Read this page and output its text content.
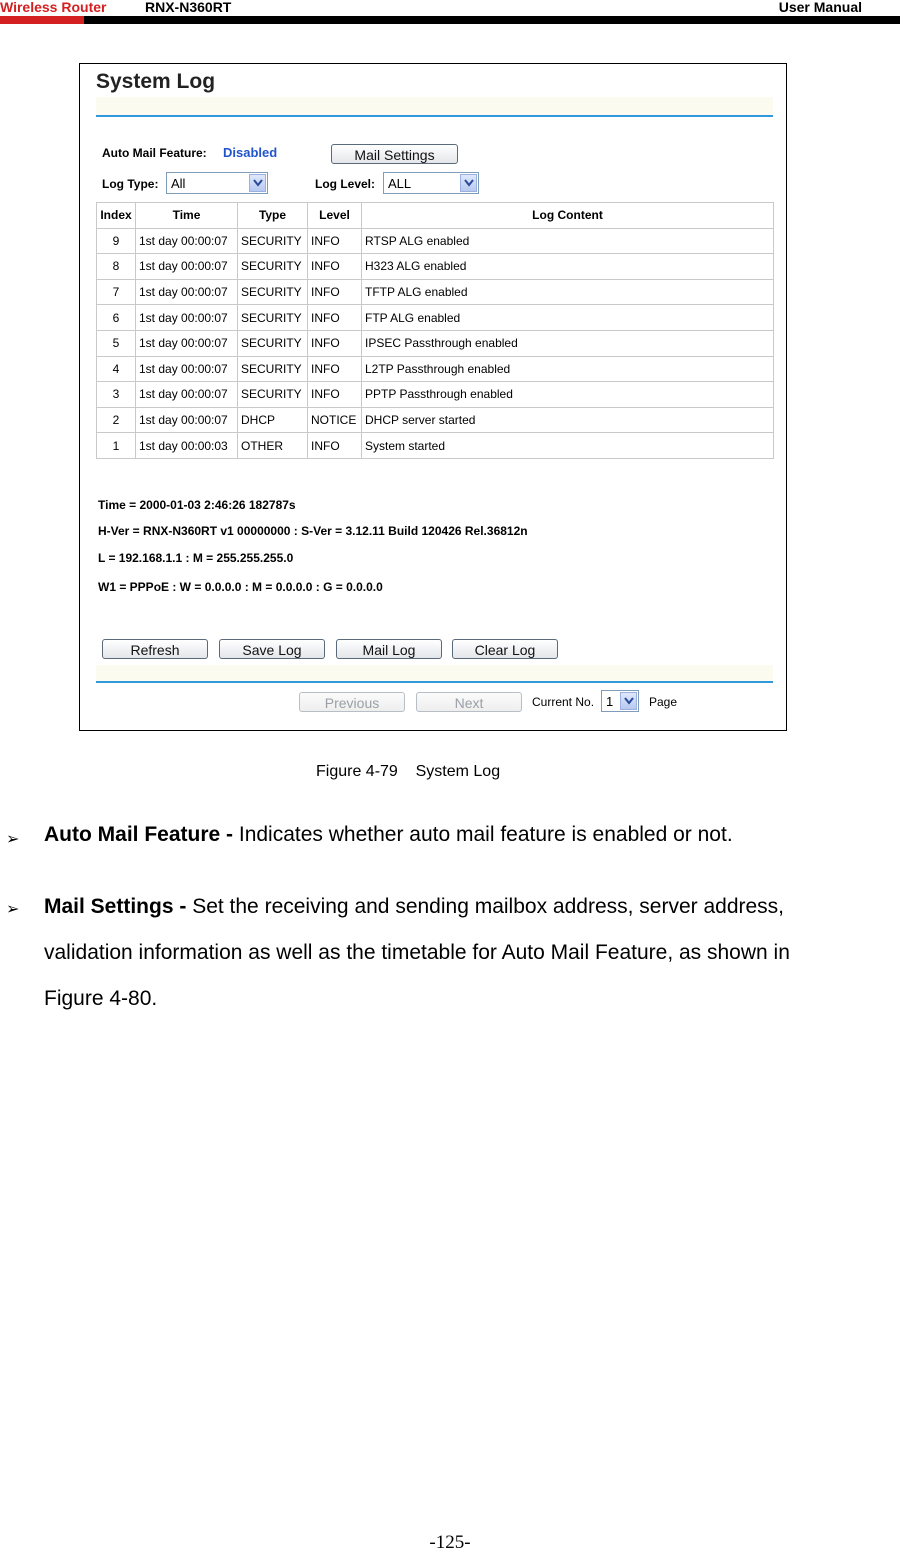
Wireless Router	RNX-N360RT	User Manual
System Log
Auto Mail Feature: Disabled	Mail Settings
Log Type: All	Log Level: ALL
Index	Time	Type	Level	Log Content
9	1st day 00:00:07	SECURITY	INFO	RTSP ALG enabled
8	1st day 00:00:07	SECURITY	INFO	H323 ALG enabled
7	1st day 00:00:07	SECURITY	INFO	TFTP ALG enabled
6	1st day 00:00:07	SECURITY	INFO	FTP ALG enabled
5	1st day 00:00:07	SECURITY	INFO	IPSEC Passthrough enabled
4	1st day 00:00:07	SECURITY	INFO	L2TP Passthrough enabled
3	1st day 00:00:07	SECURITY	INFO	PPTP Passthrough enabled
2	1st day 00:00:07	DHCP	NOTICE	DHCP server started
1	1st day 00:00:03	OTHER	INFO	System started
Time = 2000-01-03 2:46:26 182787s
H-Ver = RNX-N360RT v1 00000000 : S-Ver = 3.12.11 Build 120426 Rel.36812n
L = 192.168.1.1 : M = 255.255.255.0
W1 = PPPoE : W = 0.0.0.0 : M = 0.0.0.0 : G = 0.0.0.0
Refresh	Save Log	Mail Log	Clear Log
Previous	Next	Current No. 1	Page
Figure 4-79    System Log
➢ Auto Mail Feature - Indicates whether auto mail feature is enabled or not.
➢ Mail Settings - Set the receiving and sending mailbox address, server address, validation information as well as the timetable for Auto Mail Feature, as shown in Figure 4-80.
-125-
